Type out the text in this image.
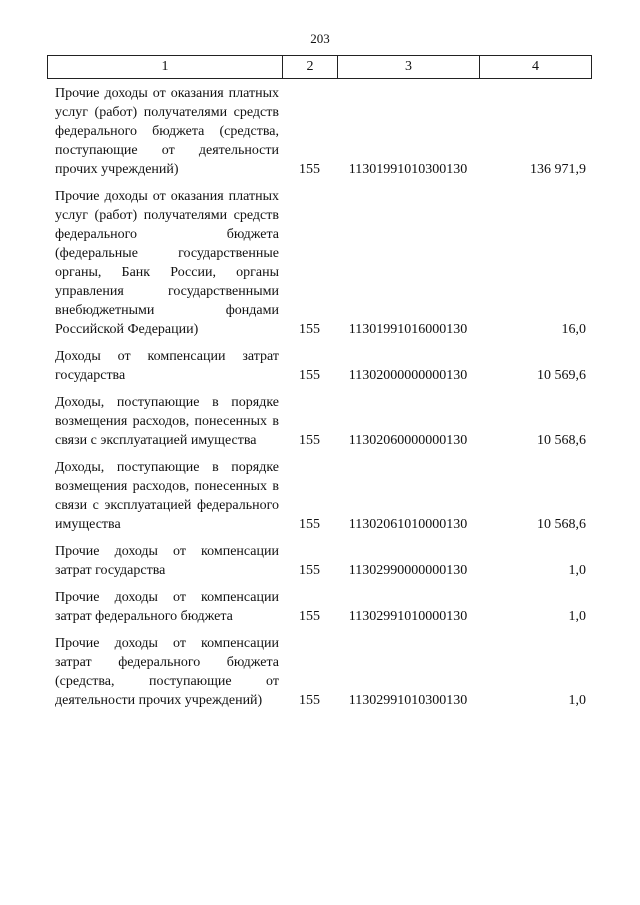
203
1	2	3	4
Прочие доходы от оказания платных услуг (работ) получателями средств федерального бюджета (средства, поступающие от деятельности прочих учреждений)	155	11301991010300130	136 971,9
Прочие доходы от оказания платных услуг (работ) получателями средств федерального бюджета (федеральные государственные органы, Банк России, органы управления государственными внебюджетными фондами Российской Федерации)	155	11301991016000130	16,0
Доходы от компенсации затрат государства	155	11302000000000130	10 569,6
Доходы, поступающие в порядке возмещения расходов, понесенных в связи с эксплуатацией имущества	155	11302060000000130	10 568,6
Доходы, поступающие в порядке возмещения расходов, понесенных в связи с эксплуатацией федерального имущества	155	11302061010000130	10 568,6
Прочие доходы от компенсации затрат государства	155	11302990000000130	1,0
Прочие доходы от компенсации затрат федерального бюджета	155	11302991010000130	1,0
Прочие доходы от компенсации затрат федерального бюджета (средства, поступающие от деятельности прочих учреждений)	155	11302991010300130	1,0
